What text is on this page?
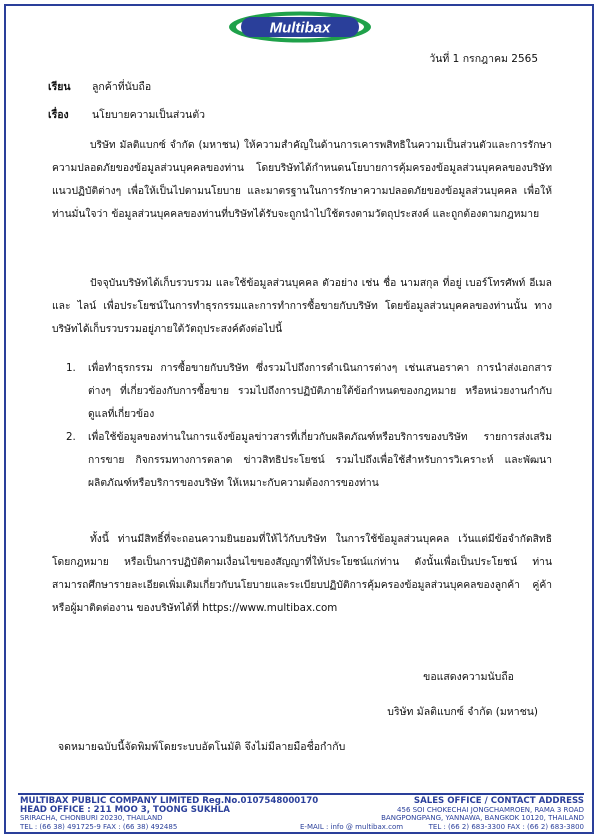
Multibax
วันที่ 1 กรกฎาคม 2565
เรียน ลูกค้าที่นับถือ
เรื่อง นโยบายความเป็นส่วนตัว

บริษัท มัลติแบกซ์ จำกัด (มหาชน) ให้ความสำคัญในด้านการเคารพสิทธิในความเป็นส่วนตัวและการรักษาความปลอดภัยของข้อมูลส่วนบุคคลของท่าน โดยบริษัทได้กำหนดนโยบายการคุ้มครองข้อมูลส่วนบุคคลของบริษัท แนวปฏิบัติต่างๆ เพื่อให้เป็นไปตามนโยบาย และมาตรฐานในการรักษาความปลอดภัยของข้อมูลส่วนบุคคล เพื่อให้ท่านมั่นใจว่า ข้อมูลส่วนบุคคลของท่านที่บริษัทได้รับจะถูกนำไปใช้ตรงตามวัตถุประสงค์ และถูกต้องตามกฎหมาย

ปัจจุบันบริษัทได้เก็บรวบรวม และใช้ข้อมูลส่วนบุคคล ตัวอย่าง เช่น ชื่อ นามสกุล ที่อยู่ เบอร์โทรศัพท์ อีเมล และ ไลน์ เพื่อประโยชน์ในการทำธุรกรรมและการทำการซื้อขายกับบริษัท โดยข้อมูลส่วนบุคคลของท่านนั้น ทางบริษัทได้เก็บรวบรวมอยู่ภายใต้วัตถุประสงค์ดังต่อไปนี้

1. เพื่อทำธุรกรรม การซื้อขายกับบริษัท ซึ่งรวมไปถึงการดำเนินการต่างๆ เช่นเสนอราคา การนำส่งเอกสารต่างๆ ที่เกี่ยวข้องกับการซื้อขาย รวมไปถึงการปฏิบัติภายใต้ข้อกำหนดของกฎหมาย หรือหน่วยงานกำกับดูแลที่เกี่ยวข้อง
2. เพื่อใช้ข้อมูลของท่านในการแจ้งข้อมูลข่าวสารที่เกี่ยวกับผลิตภัณฑ์หรือบริการของบริษัท รายการส่งเสริมการขาย กิจกรรมทางการตลาด ข่าวสิทธิประโยชน์ รวมไปถึงเพื่อใช้สำหรับการวิเคราะห์ และพัฒนาผลิตภัณฑ์หรือบริการของบริษัท ให้เหมาะกับความต้องการของท่าน

ทั้งนี้ ท่านมีสิทธิ์ที่จะถอนความยินยอมที่ให้ไว้กับบริษัท ในการใช้ข้อมูลส่วนบุคคล เว้นแต่มีข้อจำกัดสิทธิโดยกฎหมาย หรือเป็นการปฏิบัติตามเงื่อนไขของสัญญาที่ให้ประโยชน์แก่ท่าน ดังนั้นเพื่อเป็นประโยชน์ ท่านสามารถศึกษารายละเอียดเพิ่มเติมเกี่ยวกับนโยบายและระเบียบปฏิบัติการคุ้มครองข้อมูลส่วนบุคคลของลูกค้า คู่ค้า หรือผู้มาติดต่องาน ของบริษัทได้ที่ https://www.multibax.com

ขอแสดงความนับถือ
บริษัท มัลติแบกซ์ จำกัด (มหาชน)
จดหมายฉบับนี้จัดพิมพ์โดยระบบอัตโนมัติ จึงไม่มีลายมือชื่อกำกับ
MULTIBAX PUBLIC COMPANY LIMITED Reg.No.0107548000170
HEAD OFFICE : 211 MOO 3, TOONG SUKHLA
SRIRACHA, CHONBURI 20230, THAILAND
TEL : (66 38) 491725-9 FAX : (66 38) 492485
SALES OFFICE / CONTACT ADDRESS
456 SOI CHOKECHAI JONGCHAMROEN, RAMA 3 ROAD
BANGPONGPANG, YANNAWA, BANGKOK 10120, THAILAND
TEL : (66 2) 683-3300 FAX : (66 2) 683-3800
E-MAIL : info @ multibax.com
